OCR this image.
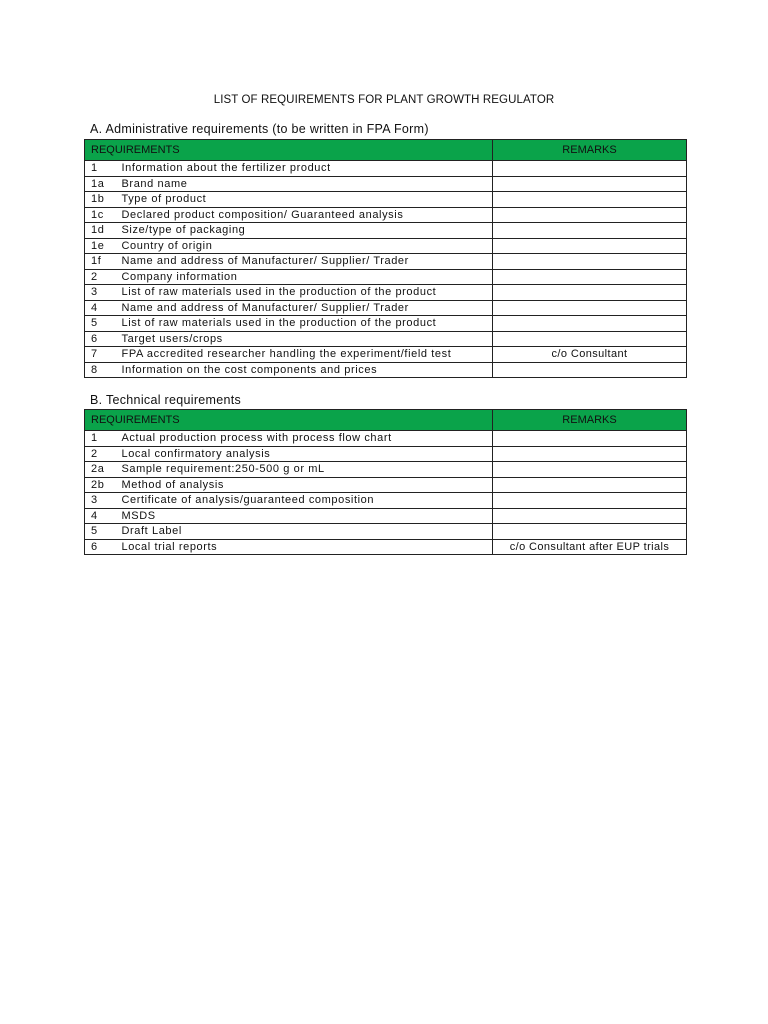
LIST OF REQUIREMENTS FOR PLANT GROWTH REGULATOR
A. Administrative requirements (to be written in FPA Form)
REQUIREMENTS		REMARKS
1	Information about the fertilizer product	
1a	Brand name	
1b	Type of product	
1c	Declared product composition/ Guaranteed analysis	
1d	Size/type of packaging	
1e	Country of origin	
1f	Name and address of Manufacturer/ Supplier/ Trader	
2	Company information	
3	List of raw materials used in the production of the product	
4	Name and address of Manufacturer/ Supplier/ Trader	
5	List of raw materials used in the production of the product	
6	Target users/crops	
7	FPA accredited researcher handling the experiment/field test	c/o Consultant
8	Information on the cost components and prices	
B. Technical requirements
REQUIREMENTS		REMARKS
1	Actual production process with process flow chart	
2	Local confirmatory analysis	
2a	Sample requirement:250-500 g or mL	
2b	Method of analysis	
3	Certificate of analysis/guaranteed composition	
4	MSDS	
5	Draft Label	
6	Local trial reports	c/o Consultant after EUP trials
